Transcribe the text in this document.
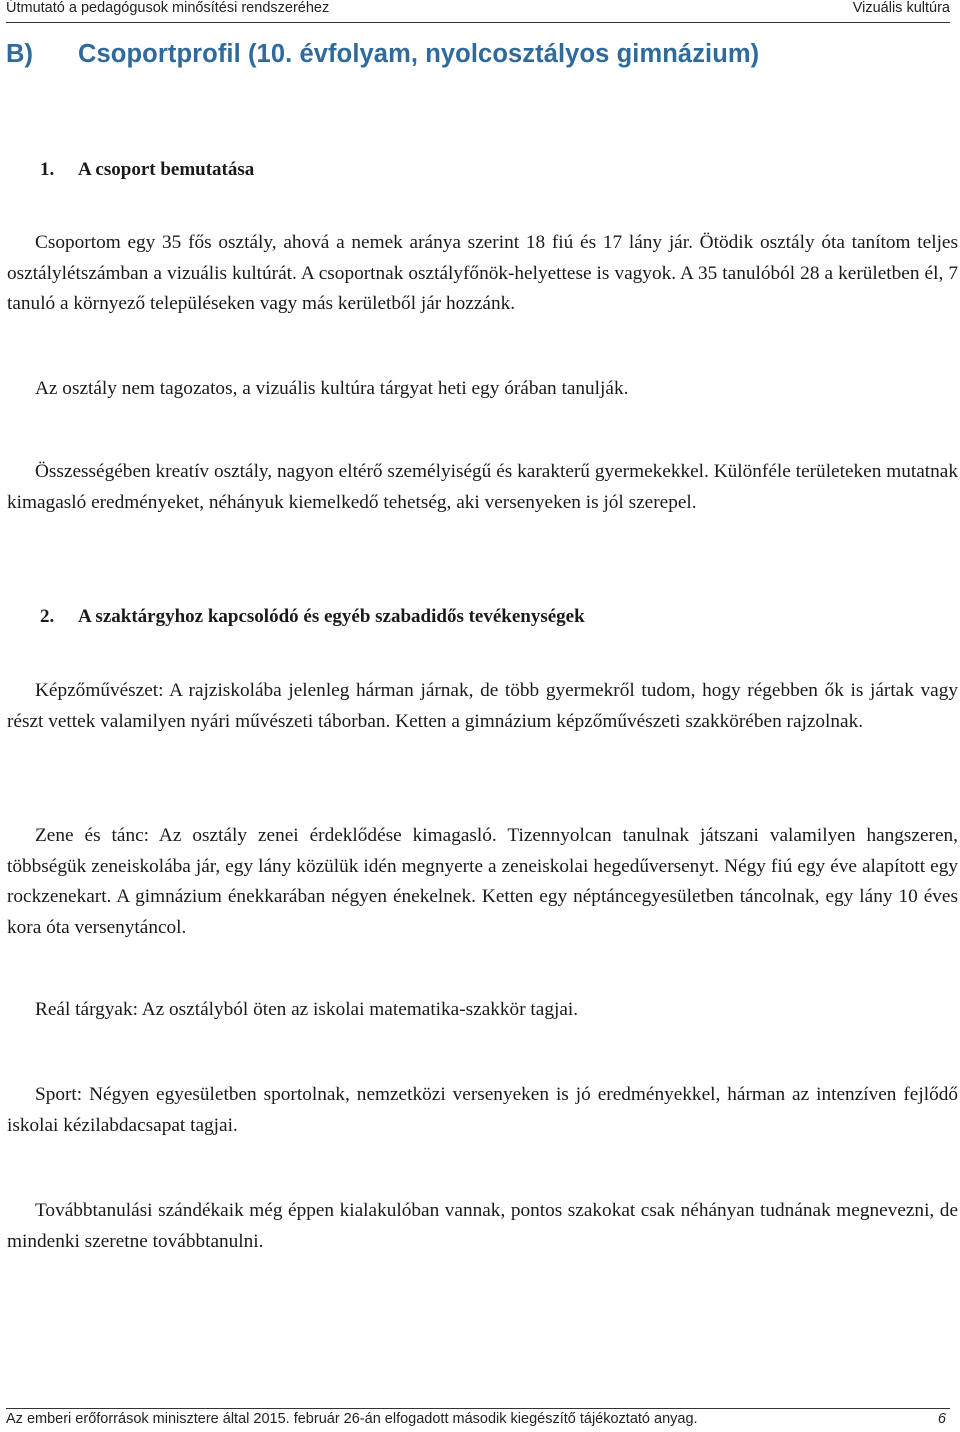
Útmutató a pedagógusok minősítési rendszeréhez	Vizuális kultúra
B) Csoportprofil (10. évfolyam, nyolcosztályos gimnázium)
1. A csoport bemutatása

Csoportom egy 35 fős osztály, ahová a nemek aránya szerint 18 fiú és 17 lány jár. Ötödik osztály óta tanítom teljes osztálylétszámban a vizuális kultúrát. A csoportnak osztályfőnök-helyettese is vagyok. A 35 tanulóból 28 a kerületben él, 7 tanuló a környező településeken vagy más kerületből jár hozzánk.

Az osztály nem tagozatos, a vizuális kultúra tárgyat heti egy órában tanulják.

Összességében kreatív osztály, nagyon eltérő személyiségű és karakterű gyermekekkel. Különféle területeken mutatnak kimagasló eredményeket, néhányuk kiemelkedő tehetség, aki versenyeken is jól szerepel.

2. A szaktárgyhoz kapcsolódó és egyéb szabadidős tevékenységek

Képzőművészet: A rajziskolába jelenleg hárman járnak, de több gyermekről tudom, hogy régebben ők is jártak vagy részt vettek valamilyen nyári művészeti táborban. Ketten a gimnázium képzőművészeti szakkörében rajzolnak.

Zene és tánc: Az osztály zenei érdeklődése kimagasló. Tizennyolcan tanulnak játszani valamilyen hangszeren, többségük zeneiskolába jár, egy lány közülük idén megnyerte a zeneiskolai hegedűversenyt. Négy fiú egy éve alapított egy rockzenekart. A gimnázium énekkarában négyen énekelnek. Ketten egy néptáncegyesületben táncolnak, egy lány 10 éves kora óta versenytáncol.

Reál tárgyak: Az osztályból öten az iskolai matematika-szakkör tagjai.

Sport: Négyen egyesületben sportolnak, nemzetközi versenyeken is jó eredményekkel, hárman az intenzíven fejlődő iskolai kézilabdacsapat tagjai.

Továbbtanulási szándékaik még éppen kialakulóban vannak, pontos szakokat csak néhányan tudnának megnevezni, de mindenki szeretne továbbtanulni.

Az emberi erőforrások minisztere által 2015. február 26-án elfogadott második kiegészítő tájékoztató anyag.	6
